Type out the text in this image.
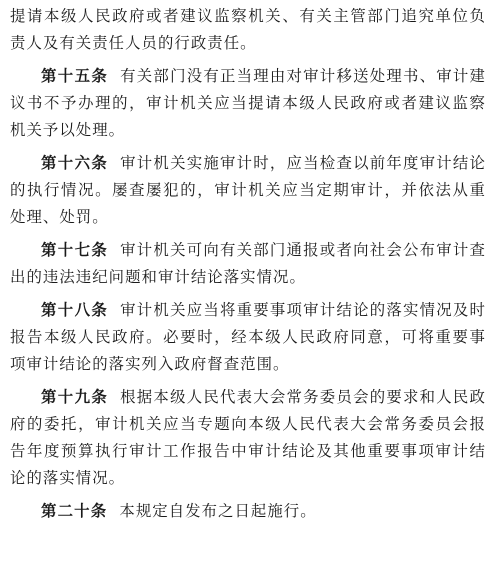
提请本级人民政府或者建议监察机关、有关主管部门追究单位负责人及有关责任人员的行政责任。

第十五条 有关部门没有正当理由对审计移送处理书、审计建议书不予办理的，审计机关应当提请本级人民政府或者建议监察机关予以处理。

第十六条 审计机关实施审计时，应当检查以前年度审计结论的执行情况。屡查屡犯的，审计机关应当定期审计，并依法从重处理、处罚。

第十七条 审计机关可向有关部门通报或者向社会公布审计查出的违法违纪问题和审计结论落实情况。

第十八条 审计机关应当将重要事项审计结论的落实情况及时报告本级人民政府。必要时，经本级人民政府同意，可将重要事项审计结论的落实列入政府督查范围。

第十九条 根据本级人民代表大会常务委员会的要求和人民政府的委托，审计机关应当专题向本级人民代表大会常务委员会报告年度预算执行审计工作报告中审计结论及其他重要事项审计结论的落实情况。

第二十条 本规定自发布之日起施行。
